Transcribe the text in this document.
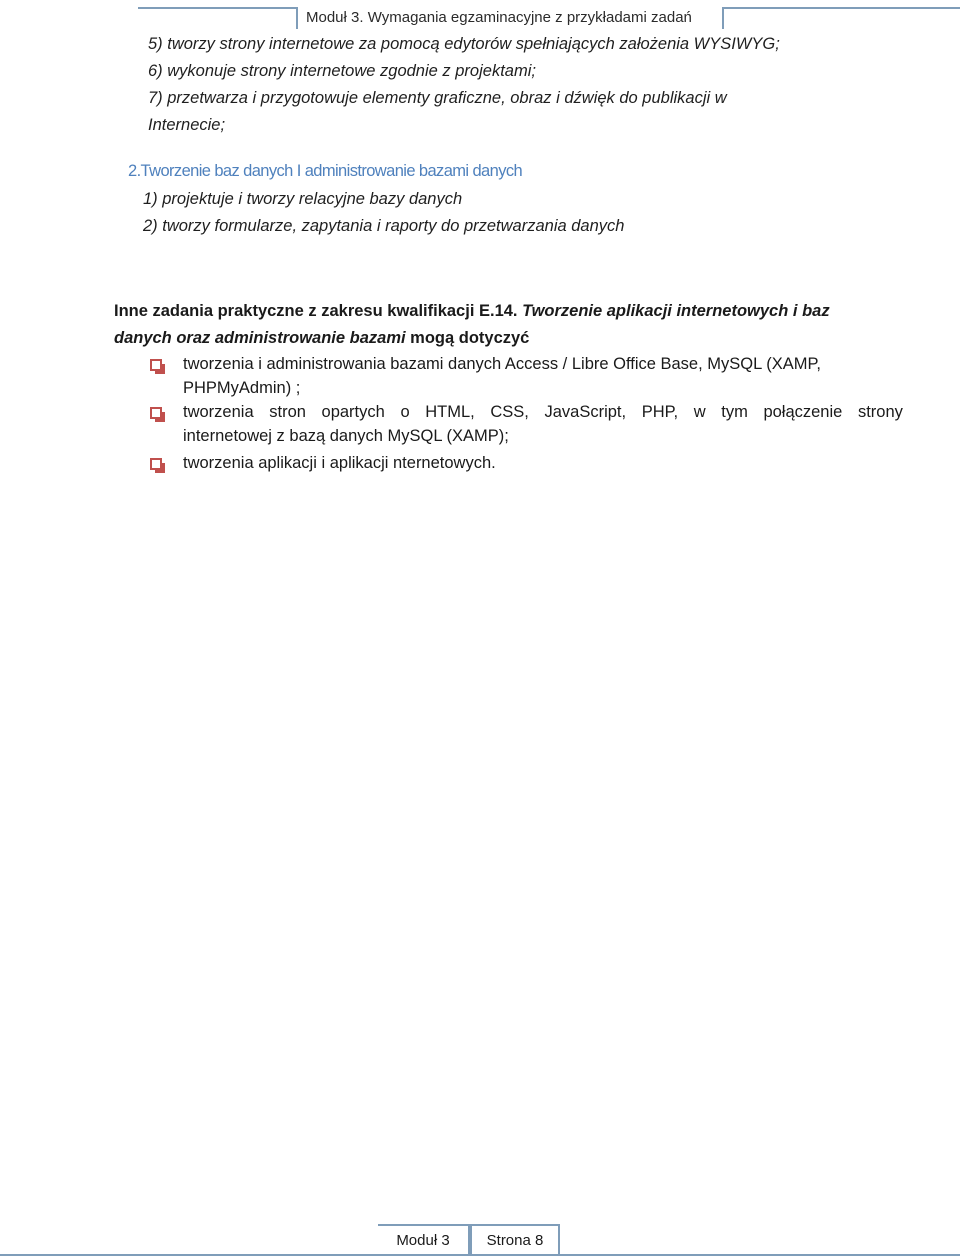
Moduł 3. Wymagania egzaminacyjne z przykładami zadań
5) tworzy strony internetowe za pomocą edytorów spełniających założenia WYSIWYG;
6) wykonuje strony internetowe zgodnie z projektami;
7) przetwarza i przygotowuje elementy graficzne, obraz i dźwięk do publikacji w
Internecie;
2.Tworzenie baz danych I administrowanie bazami danych
1) projektuje i tworzy relacyjne bazy danych
2) tworzy formularze, zapytania i raporty do przetwarzania danych
Inne zadania praktyczne z zakresu kwalifikacji E.14. Tworzenie aplikacji internetowych i baz
danych oraz administrowanie bazami mogą dotyczyć
tworzenia i administrowania bazami danych Access / Libre Office Base, MySQL (XAMP,
PHPMyAdmin) ;
tworzenia stron opartych o HTML, CSS, JavaScript, PHP, w tym połączenie strony
internetowej z bazą danych MySQL (XAMP);
tworzenia aplikacji i aplikacji nternetowych.
Moduł 3	Strona 8
